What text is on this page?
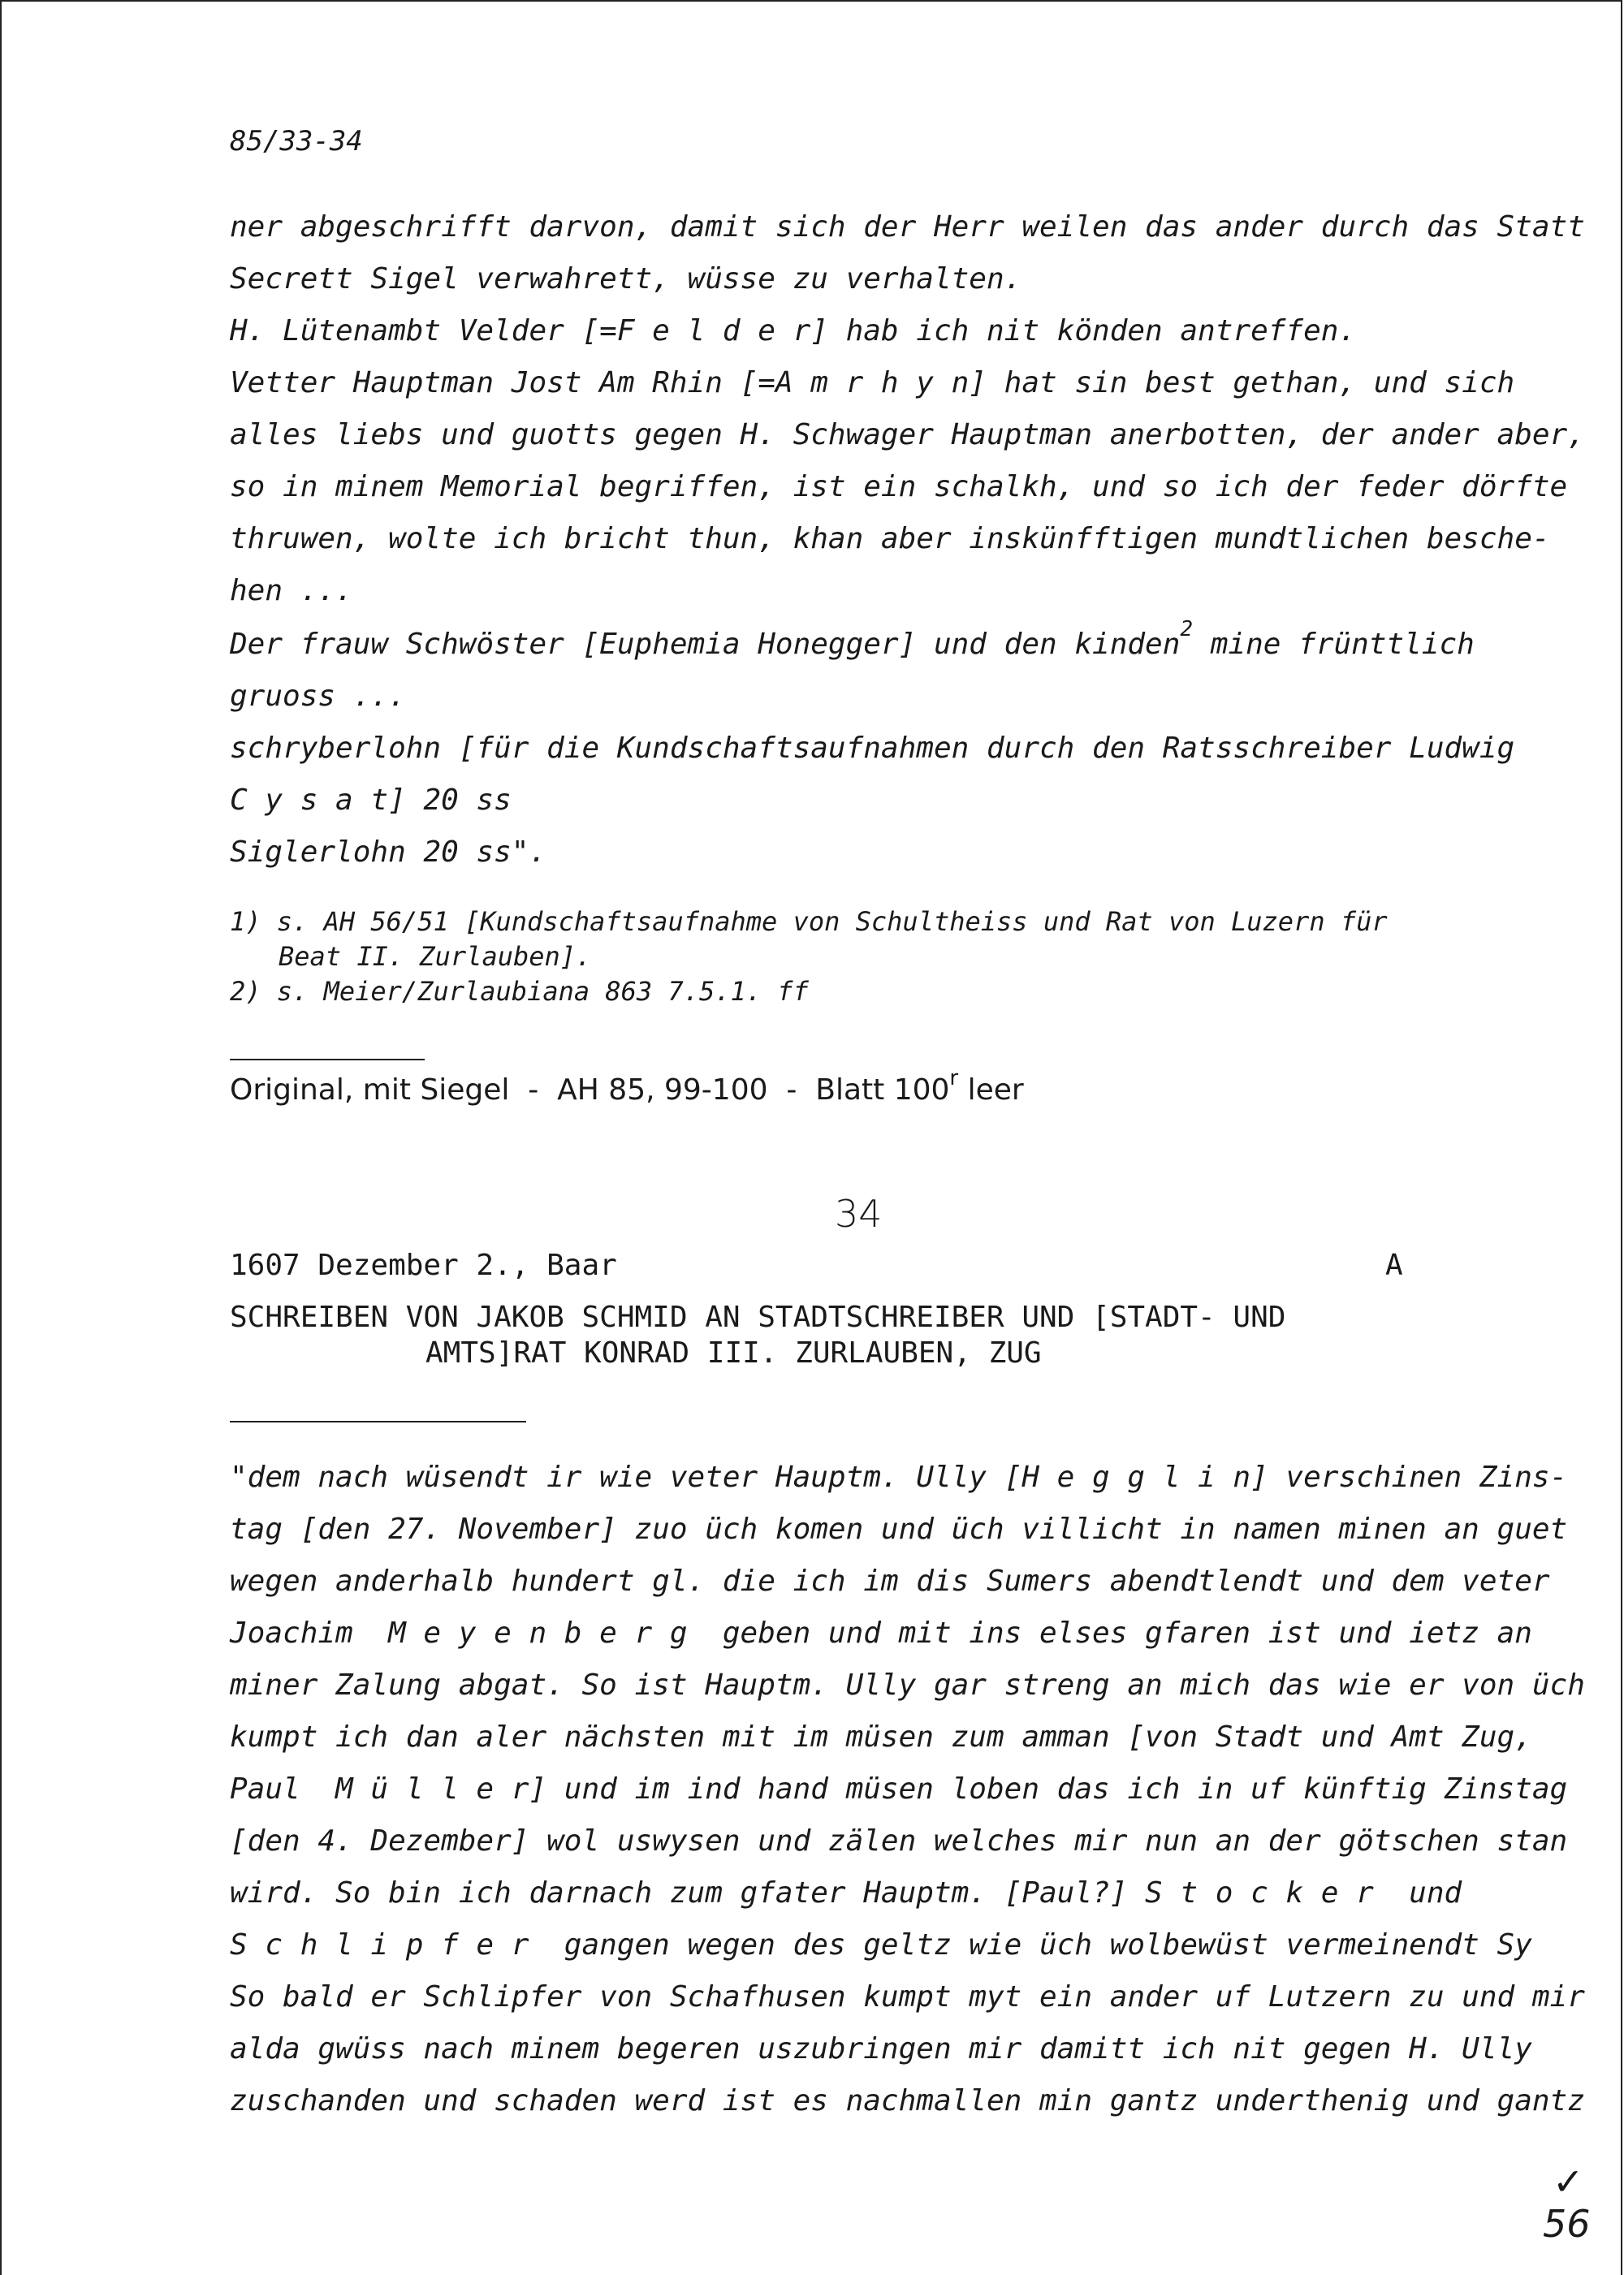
85/33-34
ner abgeschrifft darvon, damit sich der Herr weilen das ander durch das Statt
Secrett Sigel verwahrett, wüsse zu verhalten.
H. Lütenambt Velder [=F e l d e r] hab ich nit könden antreffen.
Vetter Hauptman Jost Am Rhin [=A m r h y n] hat sin best gethan, und sich
alles liebs und guotts gegen H. Schwager Hauptman anerbotten, der ander aber,
so in minem Memorial begriffen, ist ein schalkh, und so ich der feder dörfte
thruwen, wolte ich bricht thun, khan aber inskünfftigen mundtlichen besche-
hen ...
Der frauw Schwöster [Euphemia Honegger] und den kinden$^2$ mine frünttlich
gruoss ...
schryberlohn [für die Kundschaftsaufnahmen durch den Ratsschreiber Ludwig
C y s a t] 20 ss
Siglerlohn 20 ss".
1) s. AH 56/51 [Kundschaftsaufnahme von Schultheiss und Rat von Luzern für
Beat II. Zurlauben].
2) s. Meier/Zurlaubiana 863 7.5.1. ff
Original, mit Siegel  -  AH 85, 99-100  -  Blatt 100$^r$ leer
34
1607 Dezember 2., Baar	A
SCHREIBEN VON JAKOB SCHMID AN STADTSCHREIBER UND [STADT- UND
AMTS]RAT KONRAD III. ZURLAUBEN, ZUG
"dem nach wüsendt ir wie veter Hauptm. Ully [H e g g l i n] verschinen Zins-
tag [den 27. November] zuo üch komen und üch villicht in namen minen an guet
wegen anderhalb hundert gl. die ich im dis Sumers abendtlendt und dem veter
Joachim  M e y e n b e r g  geben und mit ins elses gfaren ist und ietz an
miner Zalung abgat. So ist Hauptm. Ully gar streng an mich das wie er von üch
kumpt ich dan aler nächsten mit im müsen zum amman [von Stadt und Amt Zug,
Paul  M ü l l e r] und im ind hand müsen loben das ich in uf künftig Zinstag
[den 4. Dezember] wol uswysen und zälen welches mir nun an der götschen stan
wird. So bin ich darnach zum gfater Hauptm. [Paul?] S t o c k e r  und
S c h l i p f e r  gangen wegen des geltz wie üch wolbewüst vermeinendt Sy
So bald er Schlipfer von Schafhusen kumpt myt ein ander uf Lutzern zu und mir
alda gwüss nach minem begeren uszubringen mir damitt ich nit gegen H. Ully
zuschanden und schaden werd ist es nachmallen min gantz underthenig und gantz
✓
56
